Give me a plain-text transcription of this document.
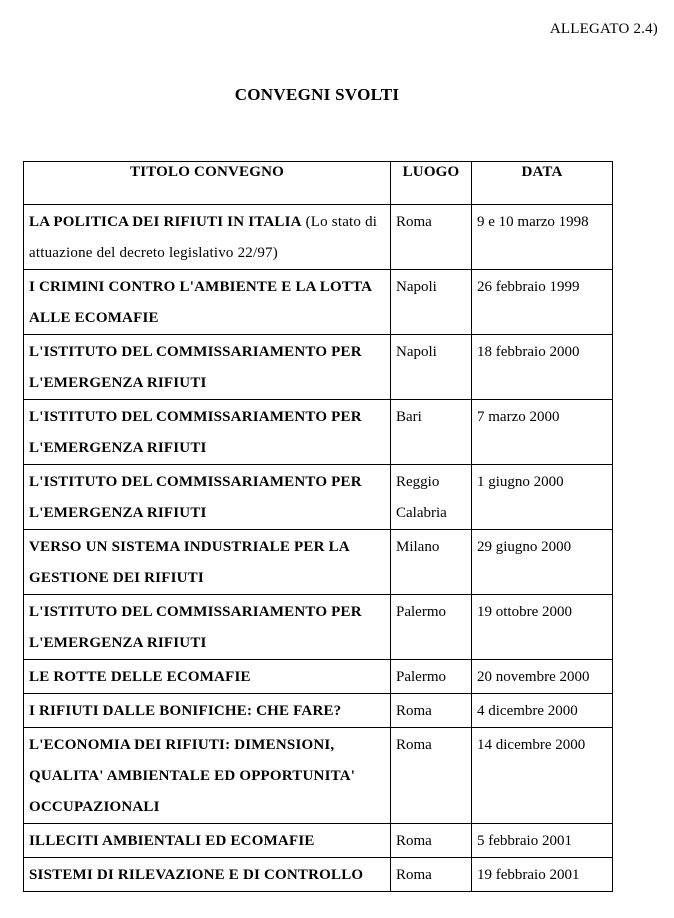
ALLEGATO 2.4)
CONVEGNI SVOLTI
TITOLO CONVEGNO	LUOGO	DATA
LA POLITICA DEI RIFIUTI IN ITALIA (Lo stato di attuazione del decreto legislativo 22/97)	Roma	9 e 10 marzo 1998
I CRIMINI CONTRO L'AMBIENTE E LA LOTTA ALLE ECOMAFIE	Napoli	26 febbraio 1999
L'ISTITUTO DEL COMMISSARIAMENTO PER L'EMERGENZA RIFIUTI	Napoli	18 febbraio 2000
L'ISTITUTO DEL COMMISSARIAMENTO PER L'EMERGENZA RIFIUTI	Bari	7 marzo 2000
L'ISTITUTO DEL COMMISSARIAMENTO PER L'EMERGENZA RIFIUTI	Reggio Calabria	1 giugno 2000
VERSO UN SISTEMA INDUSTRIALE PER LA GESTIONE DEI RIFIUTI	Milano	29 giugno 2000
L'ISTITUTO DEL COMMISSARIAMENTO PER L'EMERGENZA RIFIUTI	Palermo	19 ottobre 2000
LE ROTTE DELLE ECOMAFIE	Palermo	20 novembre 2000
I RIFIUTI DALLE BONIFICHE: CHE FARE?	Roma	4 dicembre 2000
L'ECONOMIA DEI RIFIUTI: DIMENSIONI, QUALITA' AMBIENTALE ED OPPORTUNITA' OCCUPAZIONALI	Roma	14 dicembre 2000
ILLECITI AMBIENTALI ED ECOMAFIE	Roma	5 febbraio 2001
SISTEMI DI RILEVAZIONE E DI CONTROLLO	Roma	19 febbraio 2001
